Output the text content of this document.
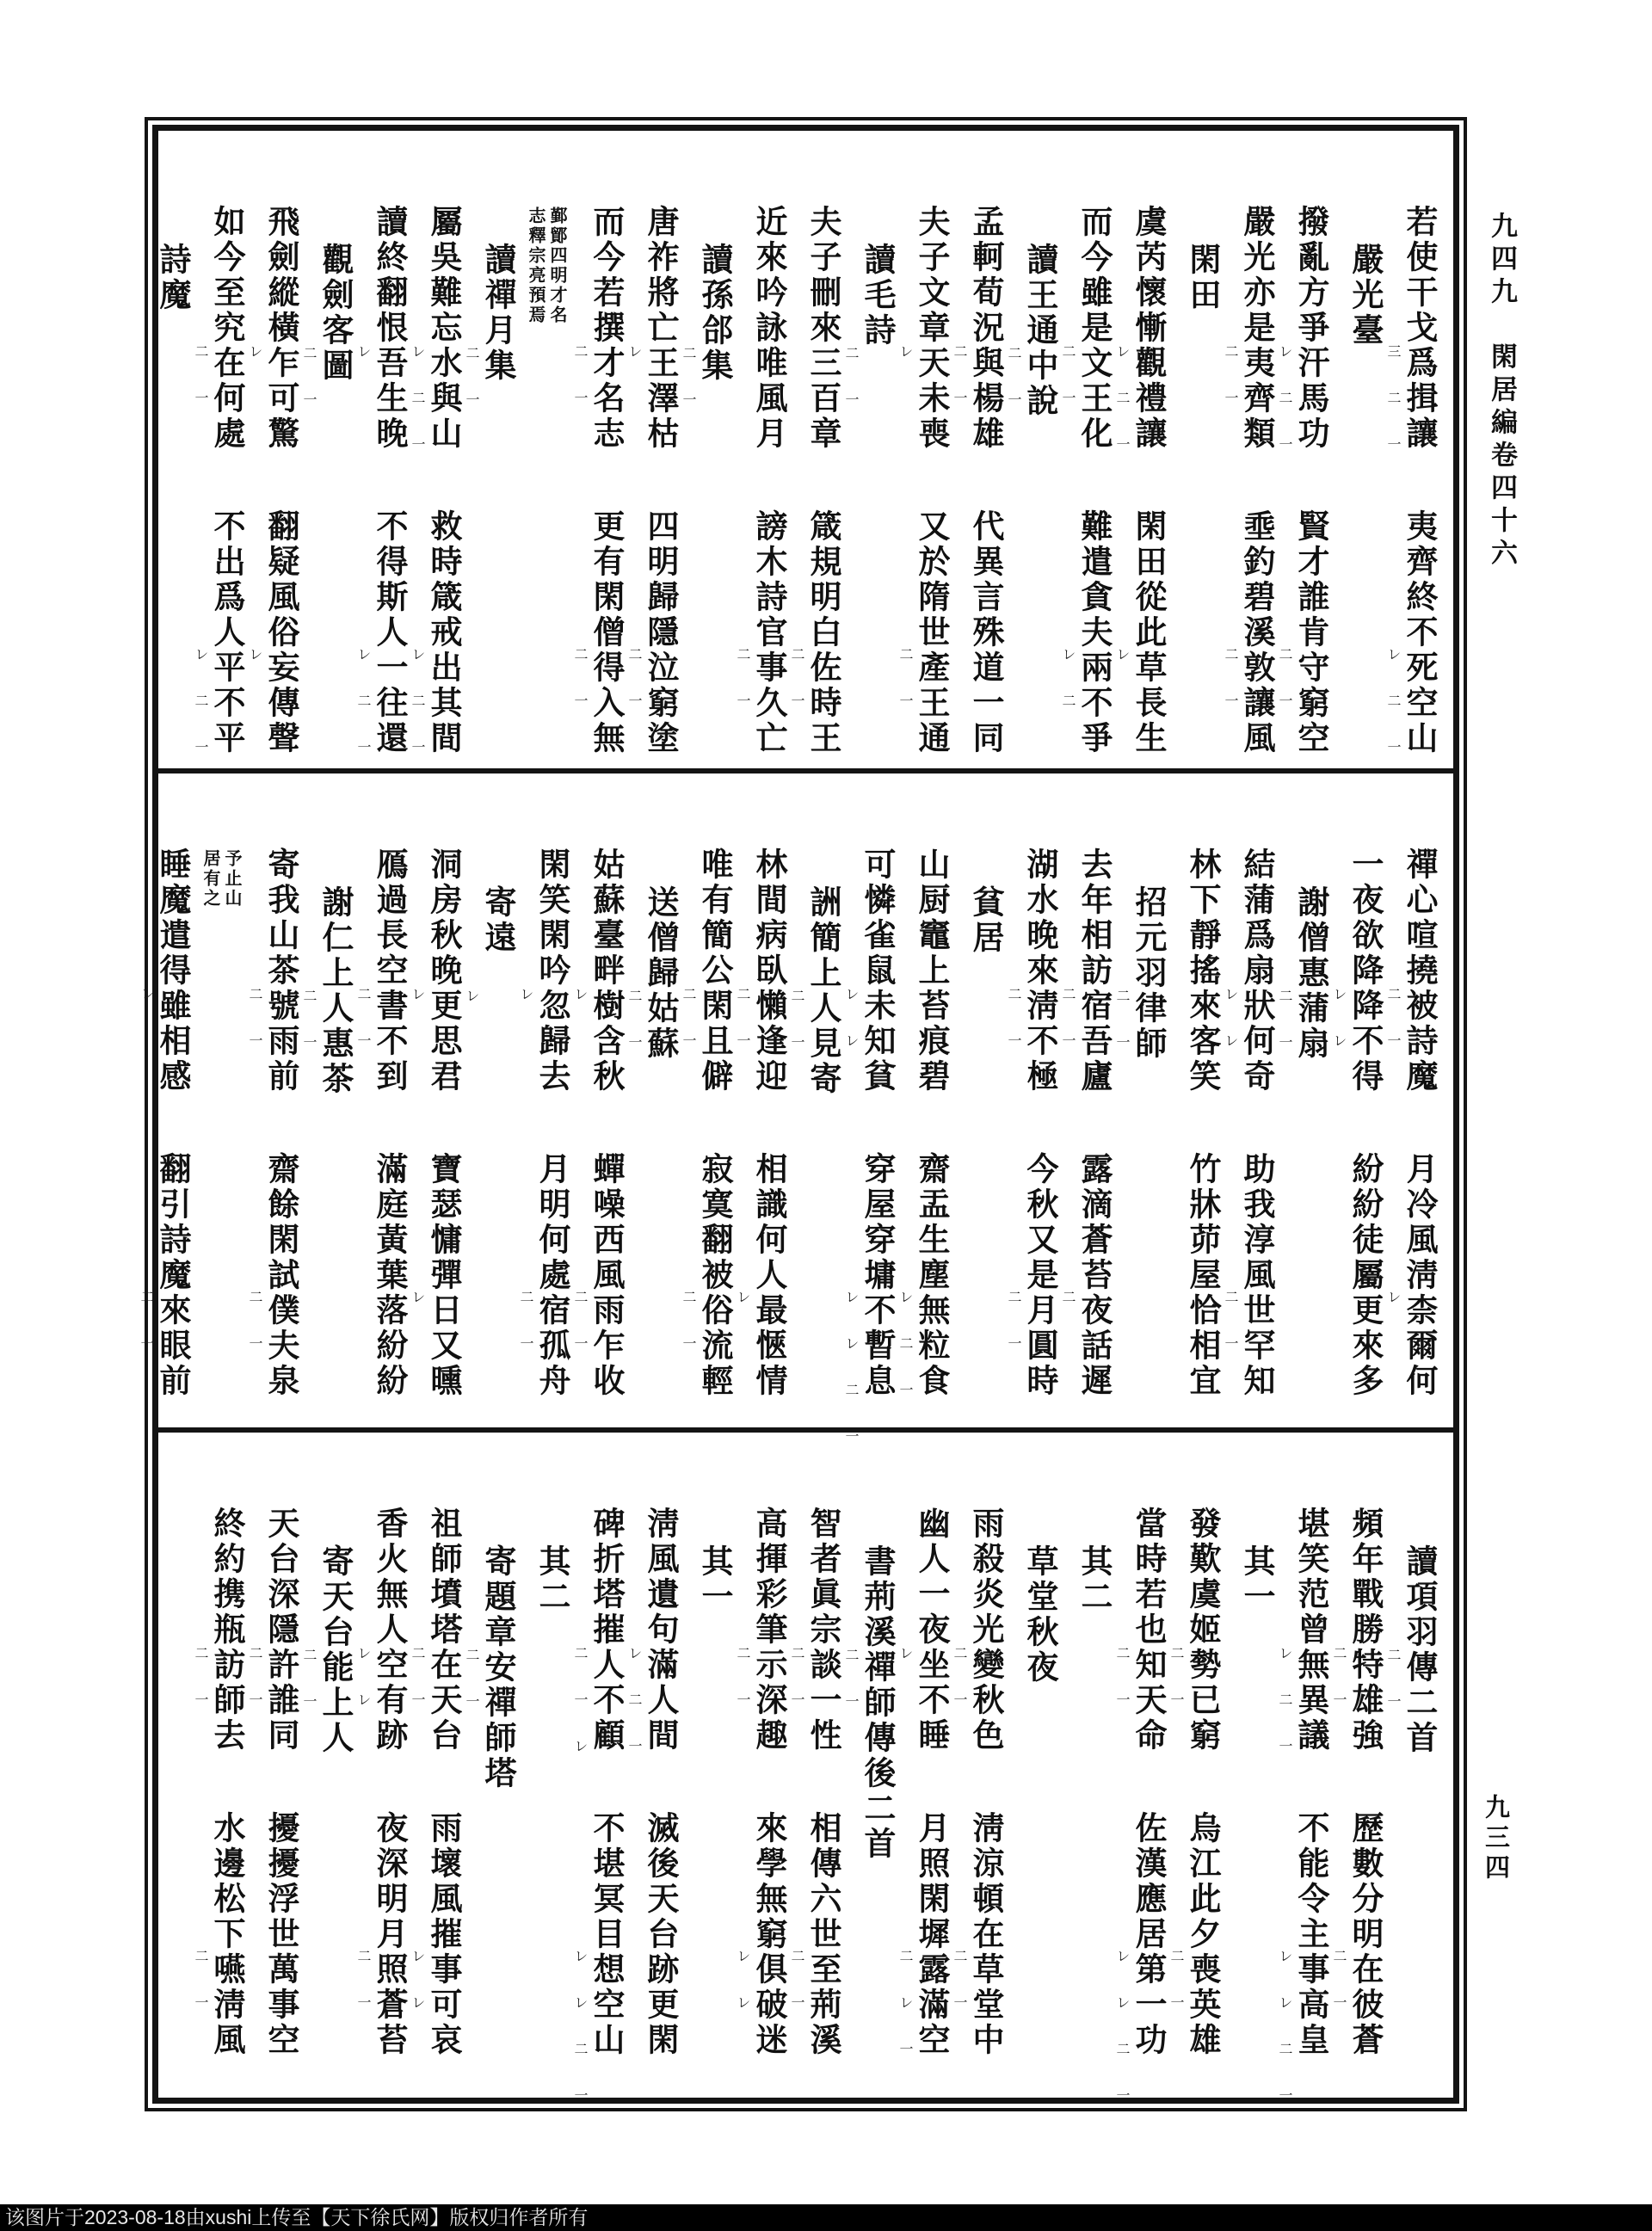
九四九　閑居編卷四十六
若使干戈爲揖讓
三二一
夷齊終不死空山
レ二一
嚴光臺
撥亂方爭汗馬功
レ二一
賢才誰肯守窮空
二一
嚴光亦是夷齊類
二一
埀釣碧溪敦讓風
二一
閑田
虞芮懷慚觀禮讓
レ二一
閑田從此草長生
レ
而今雖是文王化
二一
難遣貪夫兩不爭
レ二
讀王通中說
二一
孟軻荀況與楊雄
二一
代異言殊道一同
夫子文章天未喪
レ
又於隋世產王通
二一
讀毛詩
二一
夫子刪來三百章
箴規明白佐時王
二一
近來吟詠唯風月
謗木詩官事久亡
二一
讀孫郃集
二一
唐祚將亡王澤枯
レ
四明歸隱泣窮塗
二一
而今若撰才名志
二一
更有閑僧得入無
二一
鄞鄮四明才名志釋宗亮預焉
讀禪月集
二一
屬吳難忘水與山
レ二一
救時箴戒出其間
レ二一
讀終翻恨吾生晚
レ
不得斯人一往還
レ二一
觀劍客圖
二一
飛劍縱橫乍可驚
レ
翻疑風俗妄傳聲
レ
如今至究在何處
二一
不出爲人平不平
レ二一
詩魔
禪心喧撓被詩魔
二一
月冷風淸柰爾何
レ
一夜欲降降不得
レレ
紛紛徒屬更來多
謝僧惠蒲扇
二一
結蒲爲扇狀何奇
レレ
助我淳風世罕知
二一
林下靜搖來客笑
竹牀茆屋恰相宜
招元羽律師
二一
去年相訪宿吾廬
二一
露滴蒼苔夜話遲
二
湖水晚來淸不極
二一
今秋又是月圓時
二一
貧居
山厨竈上苔痕碧
齋盂生塵無粒食
レ二一
可憐雀鼠未知貧
レレ
穿屋穿墉不暫息
レレ二一
詶簡上人見寄
二一
林間病臥懶逢迎
二一
相識何人最愜情
レ
唯有簡公閑且僻
二一
寂寞翻被俗流輕
二一
送僧歸姑蘇
二一
姑蘇臺畔樹含秋
レ
蟬噪西風雨乍收
二一
閑笑閑吟忽歸去
レ
月明何處宿孤舟
二一
寄遠
レ
洞房秋晚更思君
レ
寶瑟慵彈日又曛
レ
鴈過長空書不到
二一
滿庭黃葉落紛紛
謝仁上人惠茶
二一
寄我山茶號雨前
二一
齋餘閑試僕夫泉
二一
予止山居有之
睡魔遣得雖相感
レ
翻引詩魔來眼前
二一
讀項羽傳二首
二一
頻年戰勝特雄強
二一
歷數分明在彼蒼
二一
堪笑范曾無異議
レ二一
不能令主事高皇
レレ二一
其一
發歎虞姬勢已窮
二一
烏江此夕喪英雄
二一
當時若也知天命
二一
佐漢應居第一功
レレ二一
其二
草堂秋夜
雨殺炎光變秋色
二一
淸涼頓在草堂中
二一
幽人一夜坐不睡
レ
月照閑墀露滿空
二レ一
書荊溪禪師傳後二首
二一
智者眞宗談一性
二一
相傳六世至荊溪
二一
高揮彩筆示深趣
二一
來學無窮俱破迷
レレ
其一
淸風遺句滿人間
レ二一
滅後天台跡更閑
碑折塔摧人不顧
二一レ
不堪冥目想空山
レレ二一
其二
寄題章安禪師塔
二一
祖師墳塔在天台
二一
雨壞風摧事可哀
レレ
香火無人空有跡
レレ
夜深明月照蒼苔
二一
寄天台能上人
二一
天台深隱許誰同
二一
擾擾浮世萬事空
終約携瓶訪師去
二一
水邊松下嚥淸風
二一
九三四
该图片于2023-08-18由xushi上传至【天下徐氏网】版权归作者所有
